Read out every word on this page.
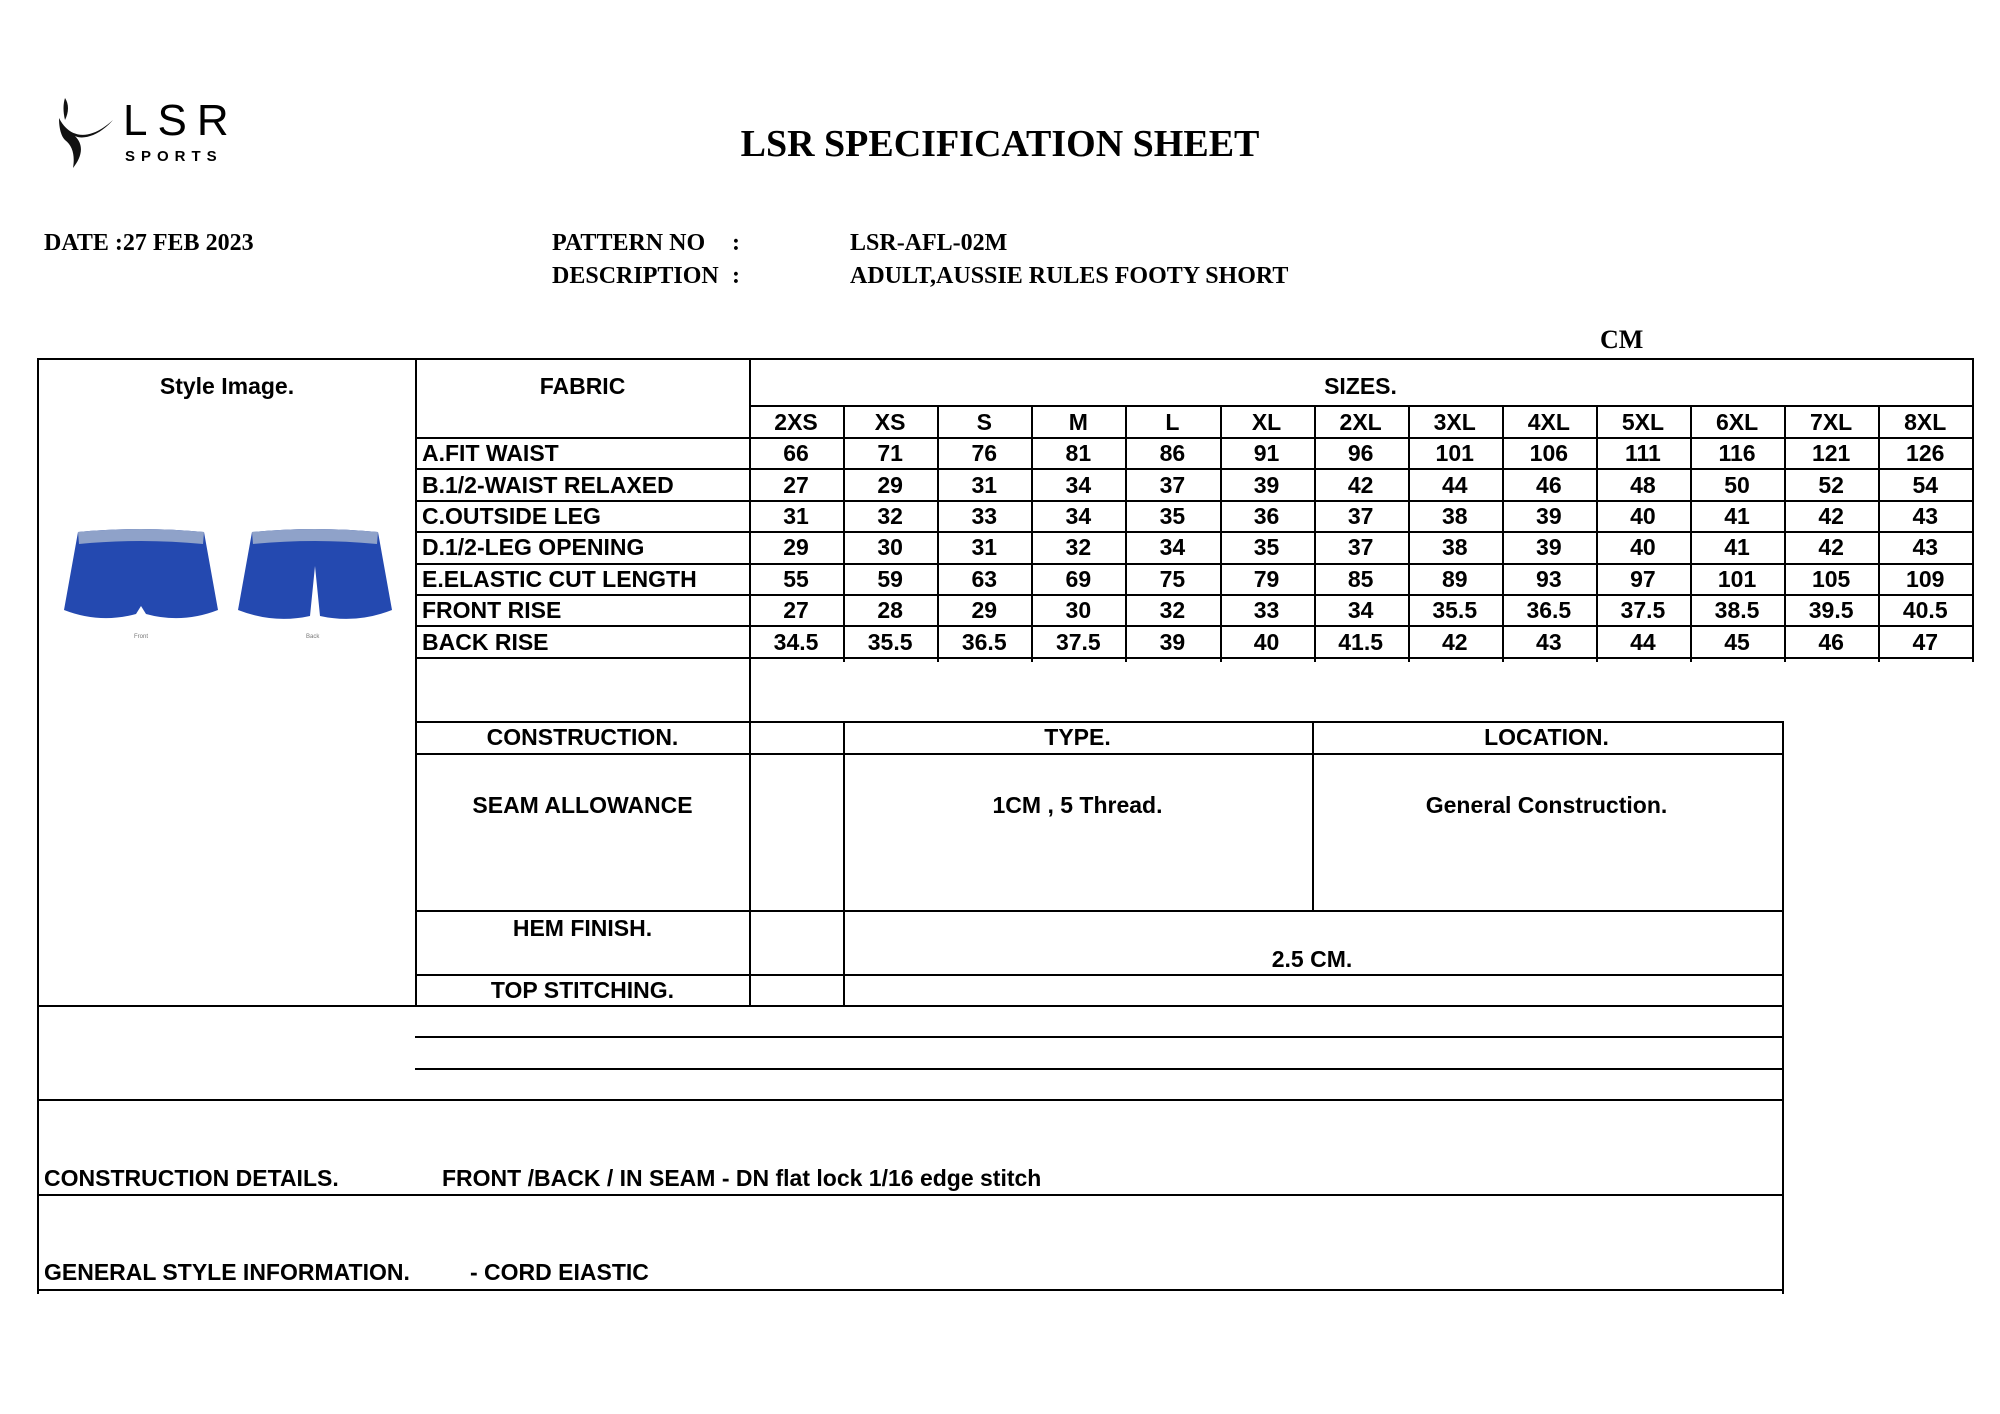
LSR
SPORTS	LSR SPECIFICATION SHEET
DATE :27 FEB 2023	PATTERN NO :	LSR-AFL-02M
DESCRIPTION :	ADULT,AUSSIE RULES FOOTY SHORT
CM
Style Image.
Front	Back
FABRIC	SIZES.
2XS	XS	S	M	L	XL	2XL	3XL	4XL	5XL	6XL	7XL	8XL
A.FIT WAIST	66	71	76	81	86	91	96	101	106	111	116	121	126
B.1/2-WAIST RELAXED	27	29	31	34	37	39	42	44	46	48	50	52	54
C.OUTSIDE LEG	31	32	33	34	35	36	37	38	39	40	41	42	43
D.1/2-LEG OPENING	29	30	31	32	34	35	37	38	39	40	41	42	43
E.ELASTIC CUT LENGTH	55	59	63	69	75	79	85	89	93	97	101	105	109
FRONT RISE	27	28	29	30	32	33	34	35.5	36.5	37.5	38.5	39.5	40.5
BACK RISE	34.5	35.5	36.5	37.5	39	40	41.5	42	43	44	45	46	47
CONSTRUCTION.	TYPE.	LOCATION.
SEAM ALLOWANCE	1CM , 5 Thread.	General Construction.
HEM FINISH.
2.5 CM.
TOP STITCHING.
CONSTRUCTION DETAILS.	FRONT /BACK / IN SEAM - DN flat lock 1/16 edge stitch
GENERAL STYLE INFORMATION.	- CORD EIASTIC
